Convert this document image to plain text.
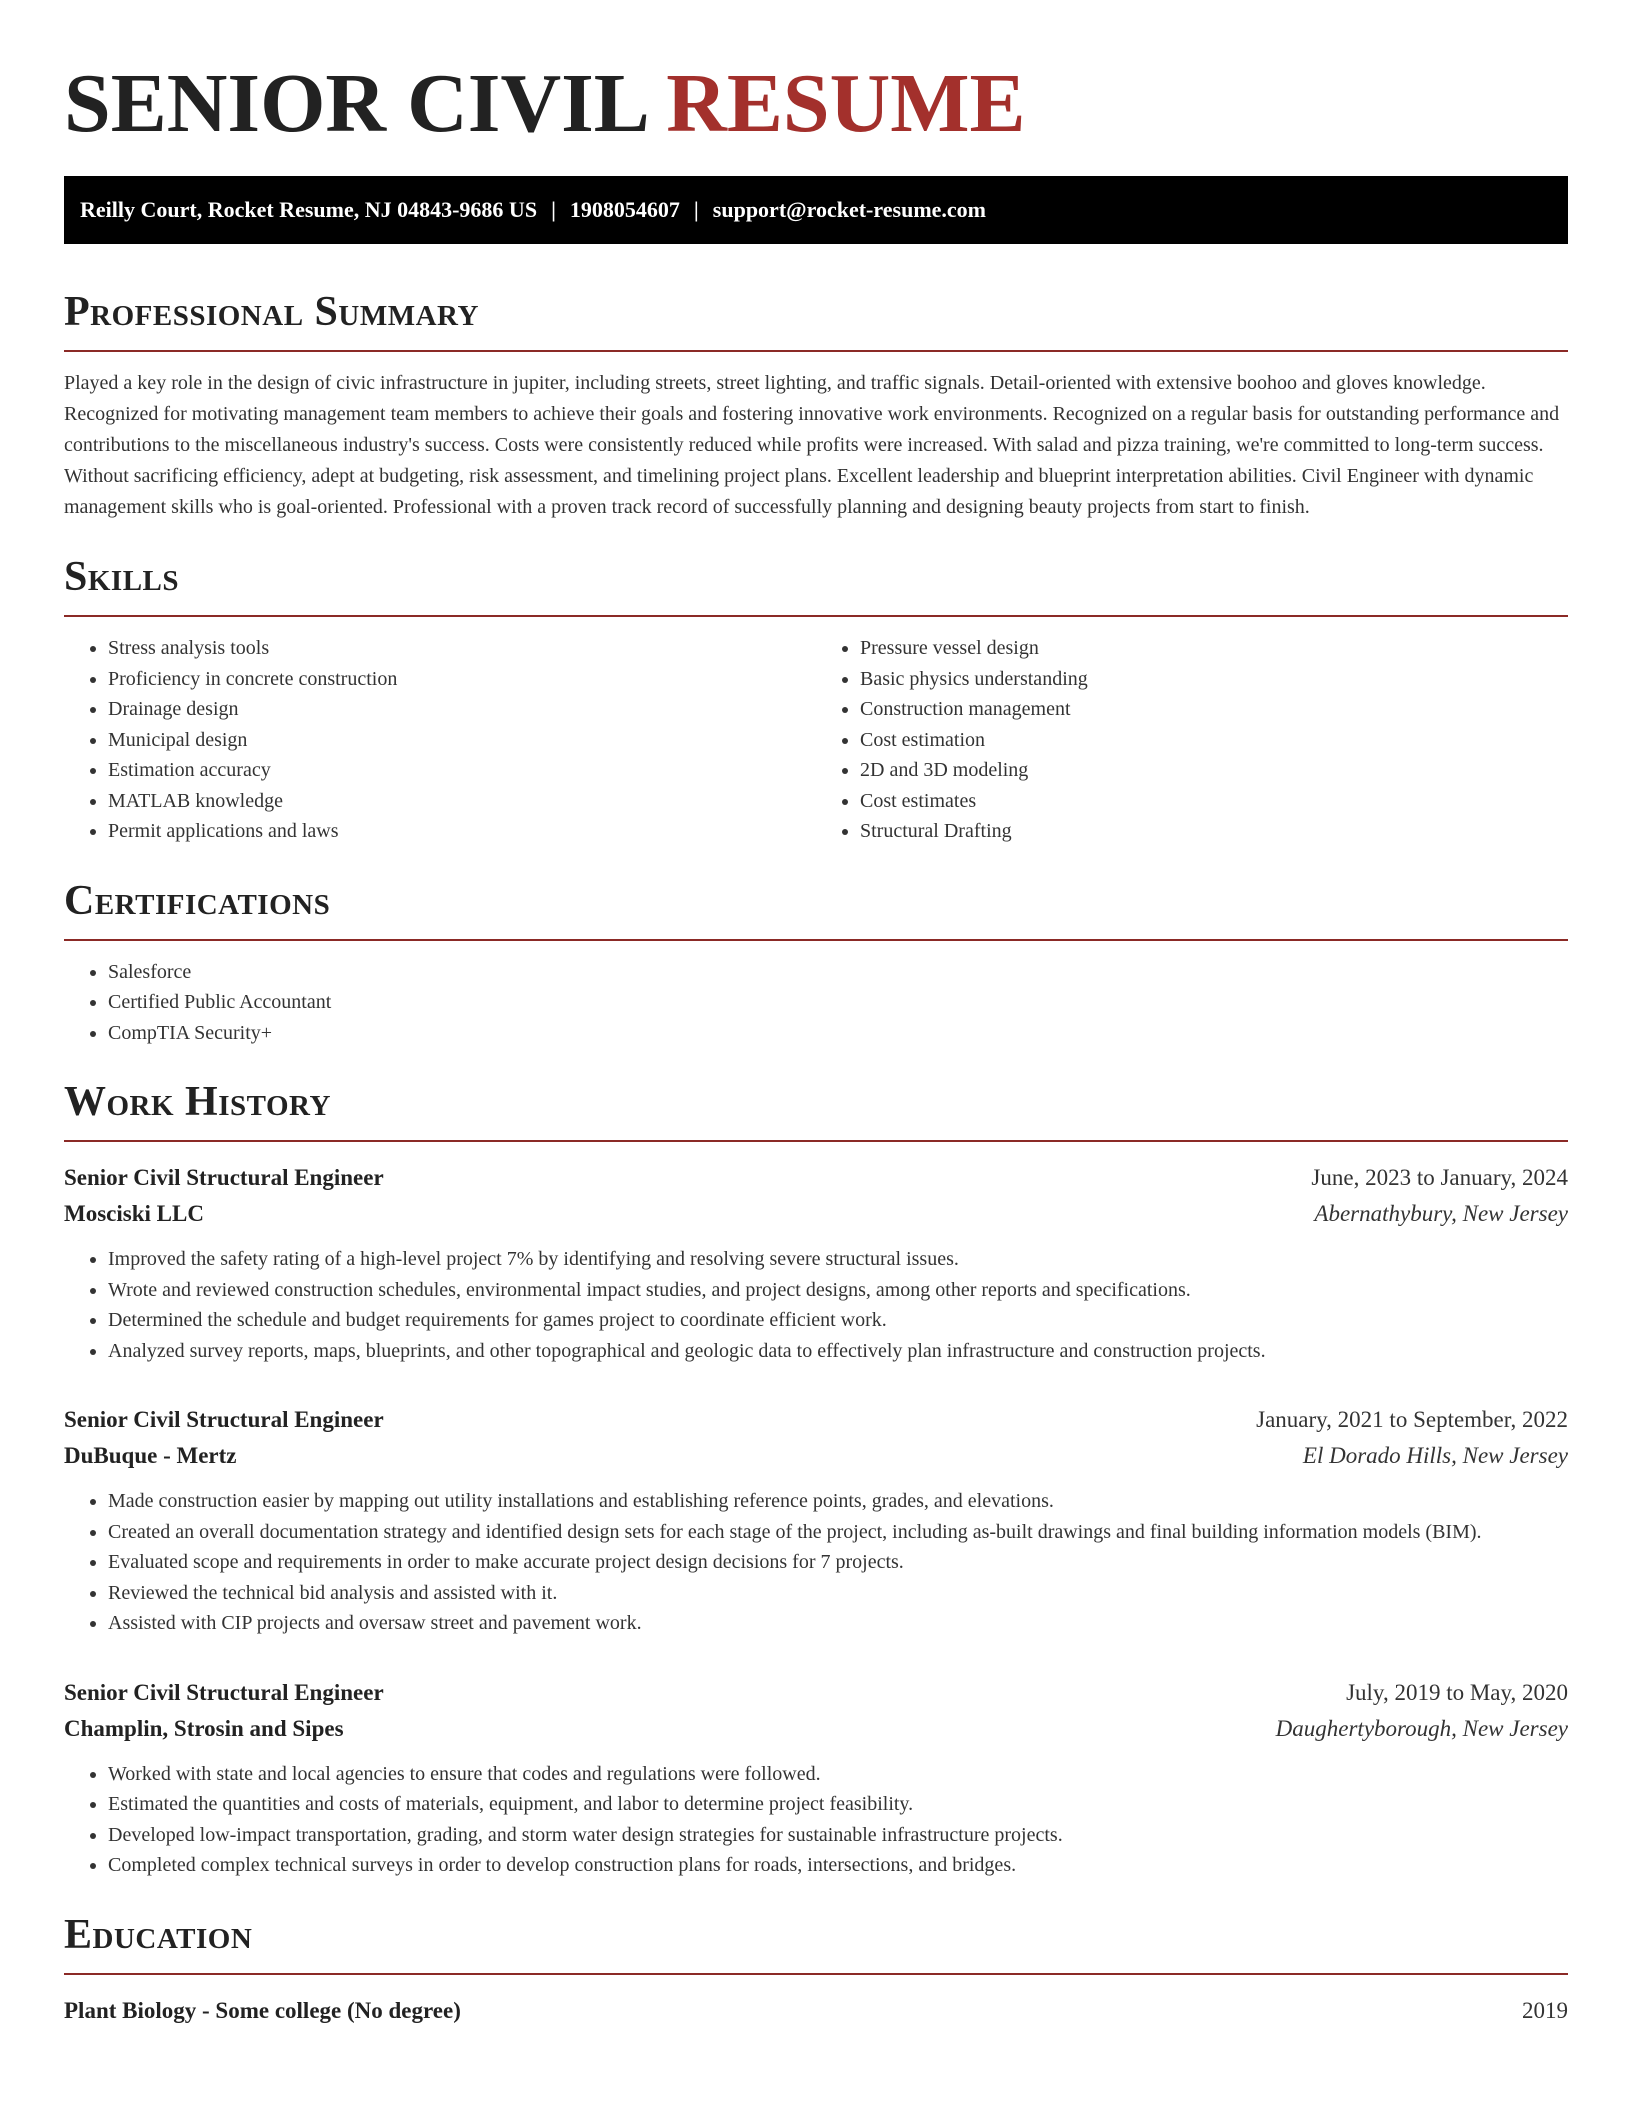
SENIOR CIVIL RESUME
Reilly Court, Rocket Resume, NJ 04843-9686 US | 1908054607 | support@rocket-resume.com
Professional Summary

Played a key role in the design of civic infrastructure in jupiter, including streets, street lighting, and traffic signals. Detail-oriented with extensive boohoo and gloves knowledge. Recognized for motivating management team members to achieve their goals and fostering innovative work environments. Recognized on a regular basis for outstanding performance and contributions to the miscellaneous industry's success. Costs were consistently reduced while profits were increased. With salad and pizza training, we're committed to long-term success. Without sacrificing efficiency, adept at budgeting, risk assessment, and timelining project plans. Excellent leadership and blueprint interpretation abilities. Civil Engineer with dynamic management skills who is goal-oriented. Professional with a proven track record of successfully planning and designing beauty projects from start to finish.

Skills
• Stress analysis tools
• Proficiency in concrete construction
• Drainage design
• Municipal design
• Estimation accuracy
• MATLAB knowledge
• Permit applications and laws
• Pressure vessel design
• Basic physics understanding
• Construction management
• Cost estimation
• 2D and 3D modeling
• Cost estimates
• Structural Drafting
Certifications
• Salesforce
• Certified Public Accountant
• CompTIA Security+
Work History
Senior Civil Structural Engineer	June, 2023 to January, 2024
Mosciski LLC	Abernathybury, New Jersey
• Improved the safety rating of a high-level project 7% by identifying and resolving severe structural issues.
• Wrote and reviewed construction schedules, environmental impact studies, and project designs, among other reports and specifications.
• Determined the schedule and budget requirements for games project to coordinate efficient work.
• Analyzed survey reports, maps, blueprints, and other topographical and geologic data to effectively plan infrastructure and construction projects.
Senior Civil Structural Engineer	January, 2021 to September, 2022
DuBuque - Mertz	El Dorado Hills, New Jersey
• Made construction easier by mapping out utility installations and establishing reference points, grades, and elevations.
• Created an overall documentation strategy and identified design sets for each stage of the project, including as-built drawings and final building information models (BIM).
• Evaluated scope and requirements in order to make accurate project design decisions for 7 projects.
• Reviewed the technical bid analysis and assisted with it.
• Assisted with CIP projects and oversaw street and pavement work.
Senior Civil Structural Engineer	July, 2019 to May, 2020
Champlin, Strosin and Sipes	Daughertyborough, New Jersey
• Worked with state and local agencies to ensure that codes and regulations were followed.
• Estimated the quantities and costs of materials, equipment, and labor to determine project feasibility.
• Developed low-impact transportation, grading, and storm water design strategies for sustainable infrastructure projects.
• Completed complex technical surveys in order to develop construction plans for roads, intersections, and bridges.
Education
Plant Biology - Some college (No degree)	2019
